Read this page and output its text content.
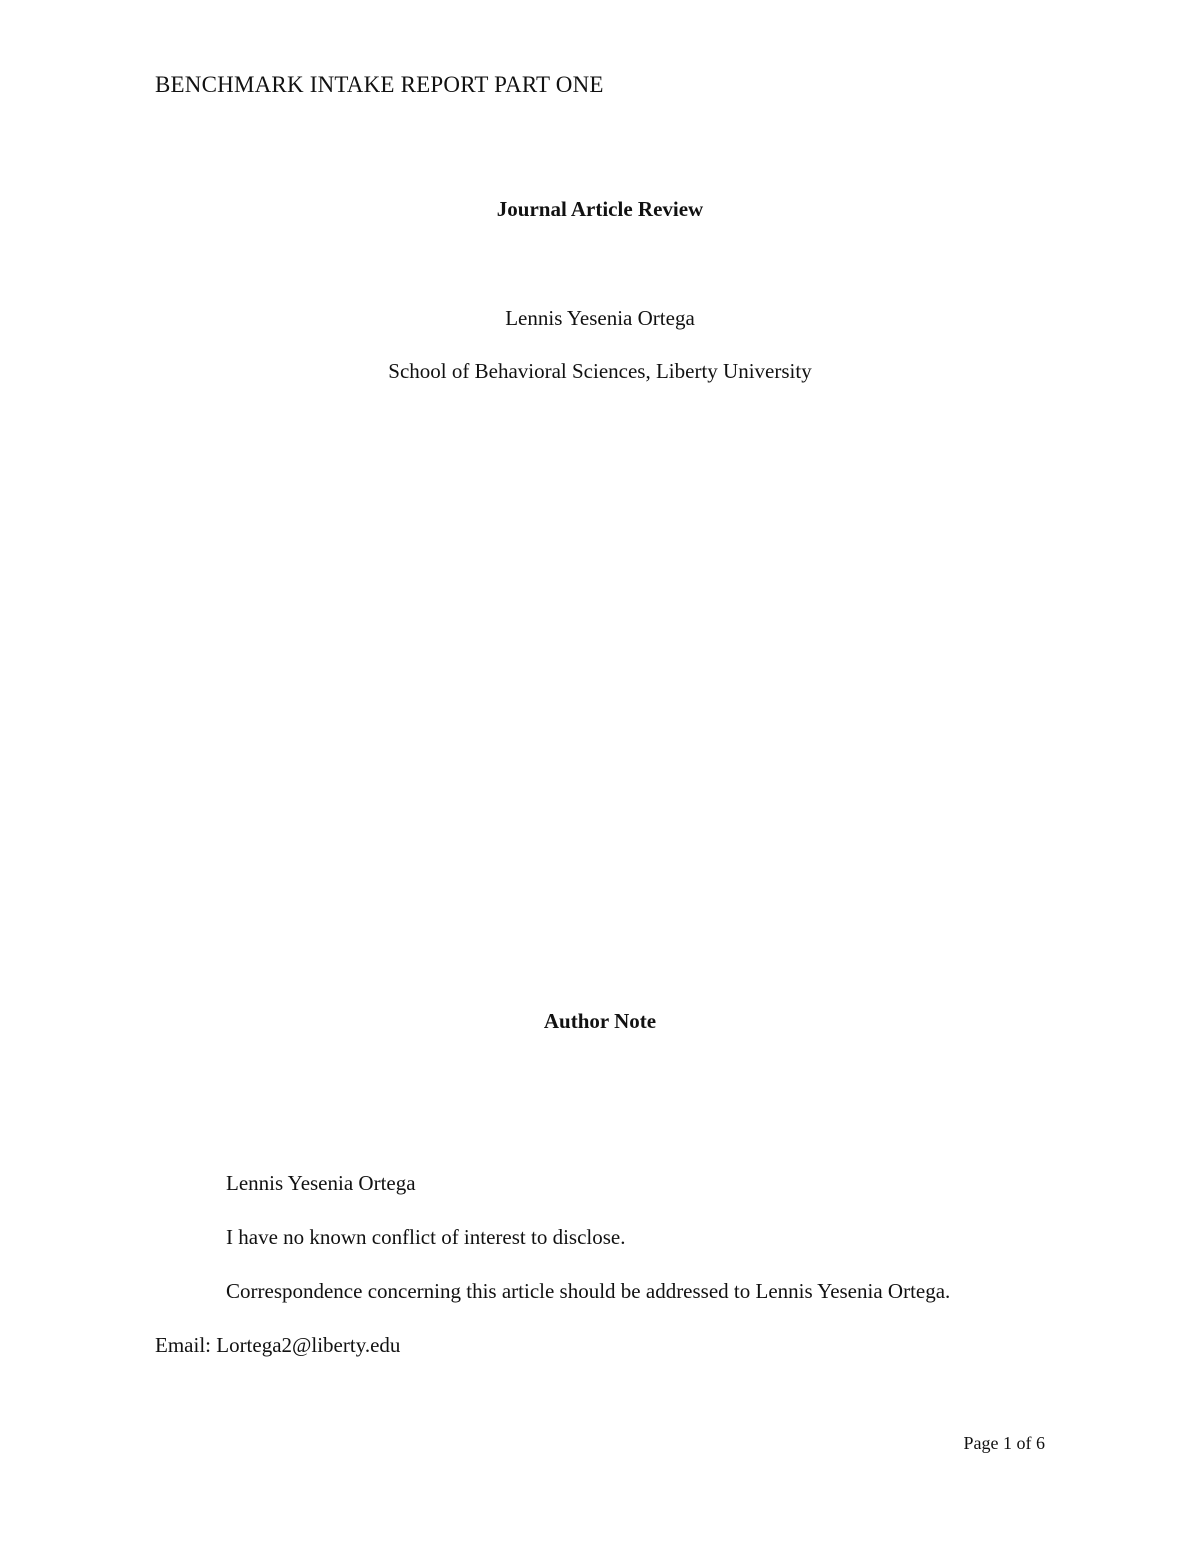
BENCHMARK INTAKE REPORT PART ONE
Journal Article Review
Lennis Yesenia Ortega
School of Behavioral Sciences, Liberty University
Author Note
Lennis Yesenia Ortega
I have no known conflict of interest to disclose.
Correspondence concerning this article should be addressed to Lennis Yesenia Ortega.
Email: Lortega2@liberty.edu
Page 1 of 6
